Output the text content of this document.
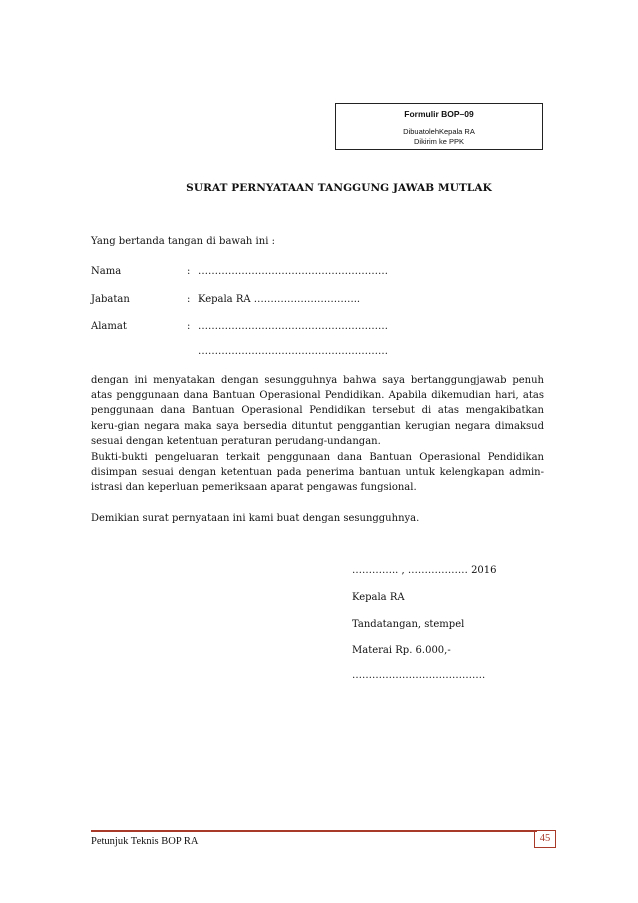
Formulir BOP–09
DibuatolehKepala RA
Dikirim ke PPK
SURAT PERNYATAAN TANGGUNG JAWAB MUTLAK
Yang bertanda tangan di bawah ini :
Nama	: …………………………………………………
Jabatan	: Kepala RA …………………………..
Alamat	: …………………………………………………
…………………………………………………
dengan ini menyatakan dengan sesungguhnya bahwa saya bertanggungjawab penuh atas penggunaan dana Bantuan Operasional Pendidikan. Apabila dikemudian hari, atas penggunaan dana Bantuan Operasional Pendidikan tersebut di atas mengakibatkan keru-gian negara maka saya bersedia dituntut penggantian kerugian negara dimaksud sesuai dengan ketentuan peraturan perudang-undangan.
Bukti-bukti pengeluaran terkait penggunaan dana Bantuan Operasional Pendidikan disimpan sesuai dengan ketentuan pada penerima bantuan untuk kelengkapan admin-istrasi dan keperluan pemeriksaan aparat pengawas fungsional.
Demikian surat pernyataan ini kami buat dengan sesungguhnya.
………….. , ……………… 2016
Kepala RA
Tandatangan, stempel
Materai Rp. 6.000,-
………………………………….
Petunjuk Teknis BOP RA	45
